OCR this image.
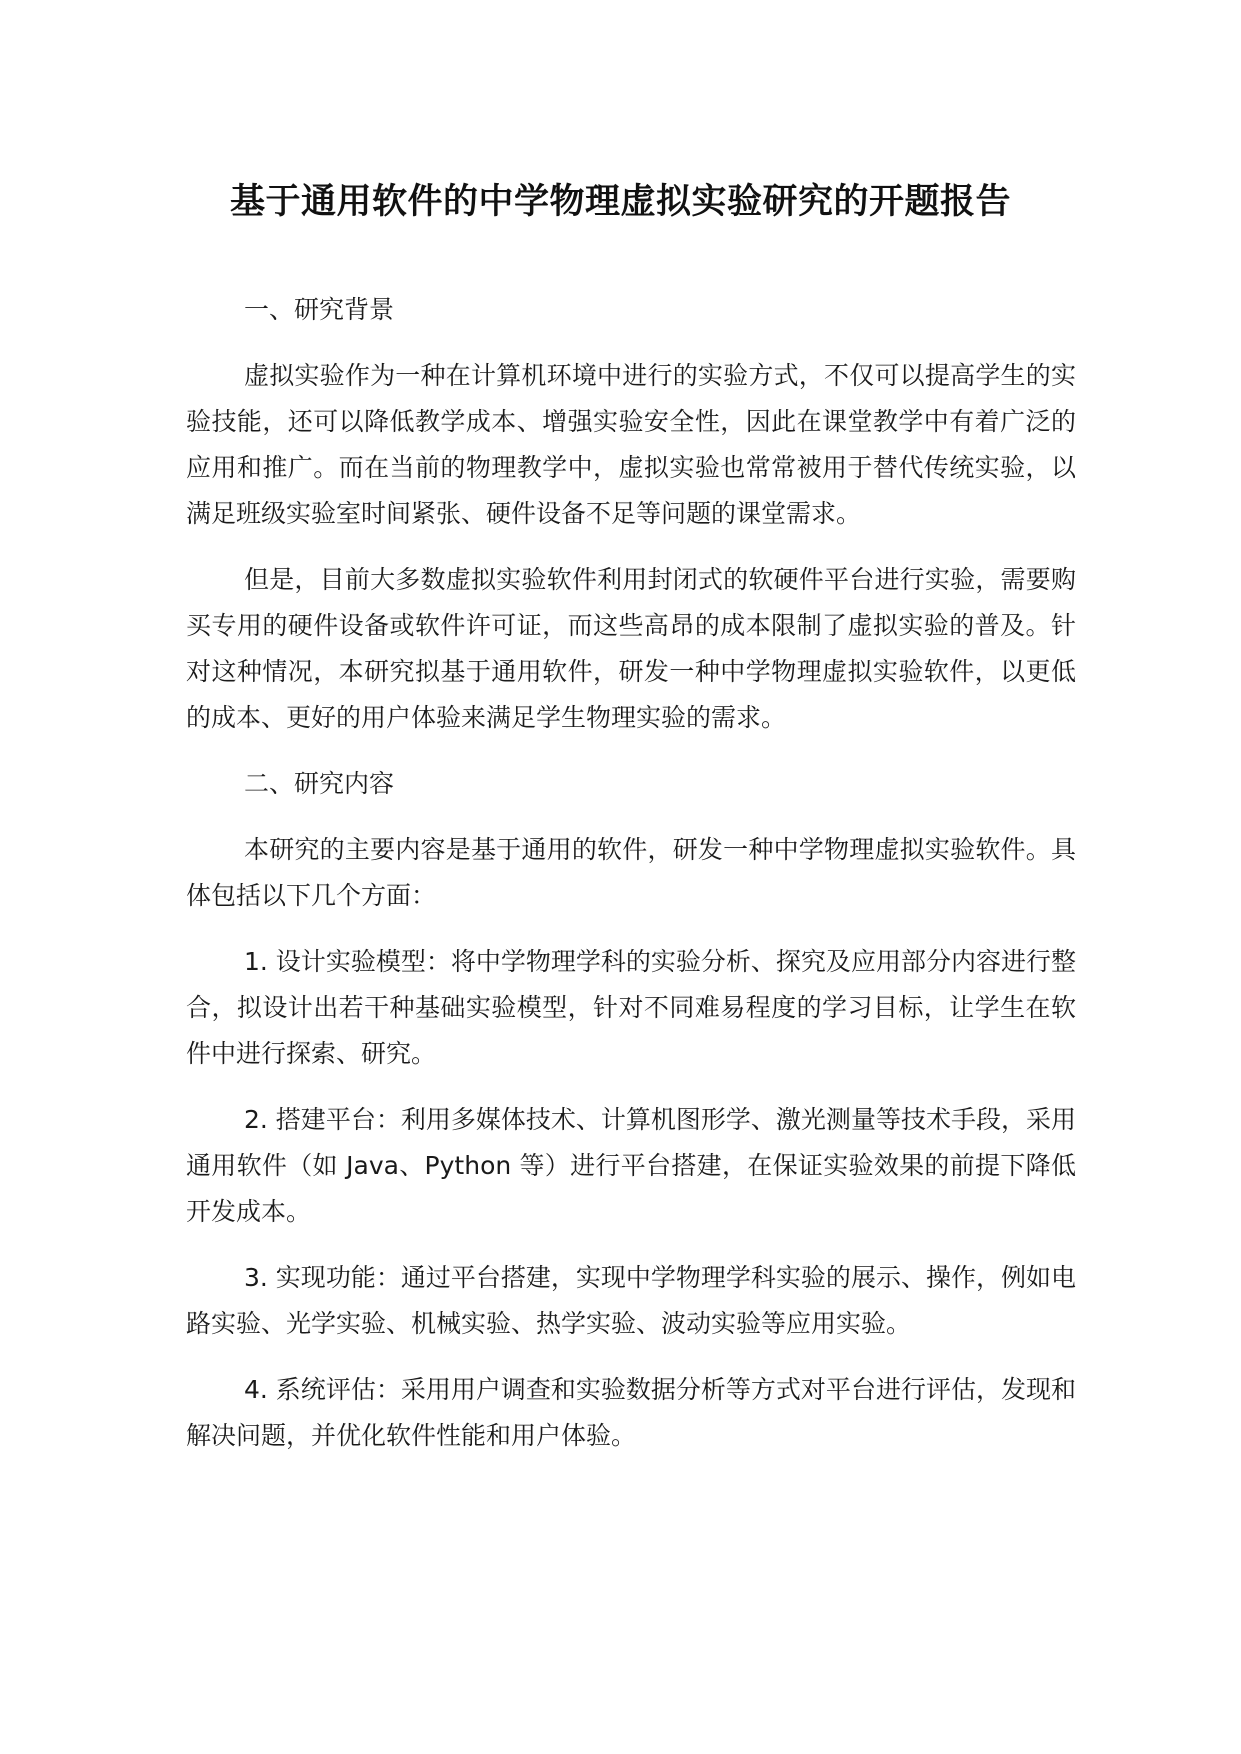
基于通用软件的中学物理虚拟实验研究的开题报告

一、研究背景

虚拟实验作为一种在计算机环境中进行的实验方式，不仅可以提高学生的实验技能，还可以降低教学成本、增强实验安全性，因此在课堂教学中有着广泛的应用和推广。而在当前的物理教学中，虚拟实验也常常被用于替代传统实验，以满足班级实验室时间紧张、硬件设备不足等问题的课堂需求。

但是，目前大多数虚拟实验软件利用封闭式的软硬件平台进行实验，需要购买专用的硬件设备或软件许可证，而这些高昂的成本限制了虚拟实验的普及。针对这种情况，本研究拟基于通用软件，研发一种中学物理虚拟实验软件，以更低的成本、更好的用户体验来满足学生物理实验的需求。

二、研究内容

本研究的主要内容是基于通用的软件，研发一种中学物理虚拟实验软件。具体包括以下几个方面：

1. 设计实验模型：将中学物理学科的实验分析、探究及应用部分内容进行整合，拟设计出若干种基础实验模型，针对不同难易程度的学习目标，让学生在软件中进行探索、研究。

2. 搭建平台：利用多媒体技术、计算机图形学、激光测量等技术手段，采用通用软件（如 Java、Python 等）进行平台搭建，在保证实验效果的前提下降低开发成本。

3. 实现功能：通过平台搭建，实现中学物理学科实验的展示、操作，例如电路实验、光学实验、机械实验、热学实验、波动实验等应用实验。

4. 系统评估：采用用户调查和实验数据分析等方式对平台进行评估，发现和解决问题，并优化软件性能和用户体验。
